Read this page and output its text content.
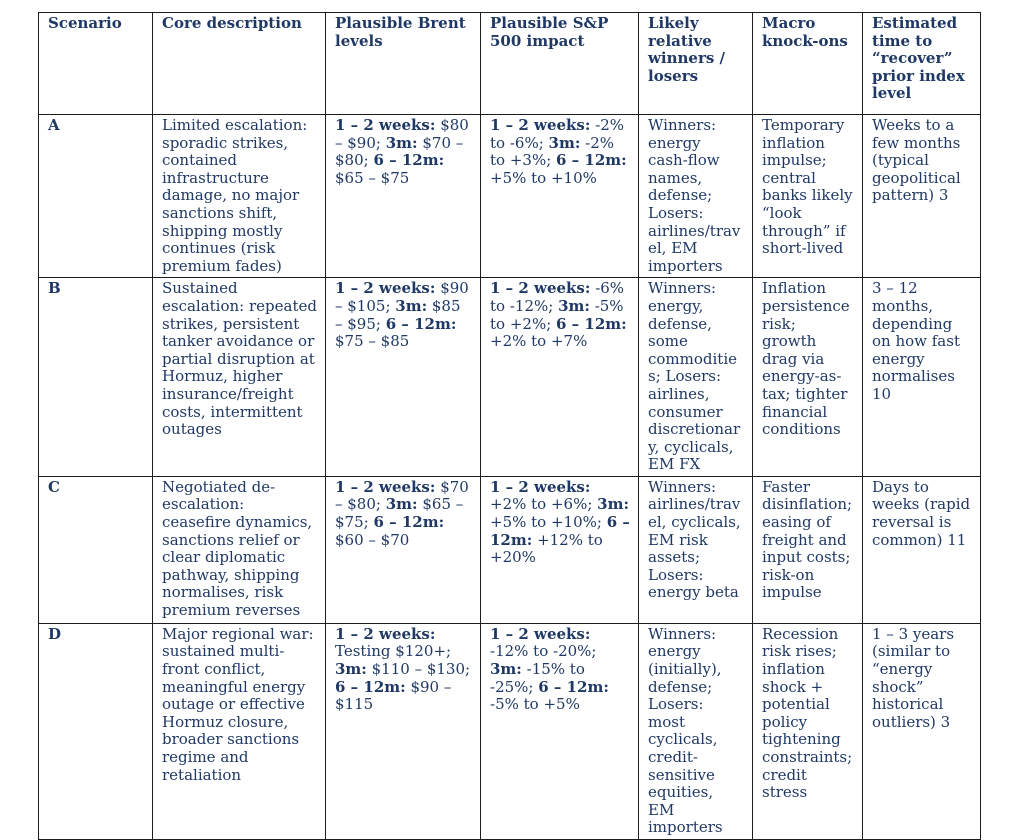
Scenario	Core description	Plausible Brent levels	Plausible S&P 500 impact	Likely relative winners / losers	Macro knock-ons	Estimated time to “recover” prior index level
A	Limited escalation: sporadic strikes, contained infrastructure damage, no major sanctions shift, shipping mostly continues (risk premium fades)	1 – 2 weeks: $80 – $90; 3m: $70 – $80; 6 – 12m: $65 – $75	1 – 2 weeks: -2% to -6%; 3m: -2% to +3%; 6 – 12m: +5% to +10%	Winners: energy cash-flow names, defense; Losers: airlines/travel, EM importers	Temporary inflation impulse; central banks likely “look through” if short-lived	Weeks to a few months (typical geopolitical pattern) 3
B	Sustained escalation: repeated strikes, persistent tanker avoidance or partial disruption at Hormuz, higher insurance/freight costs, intermittent outages	1 – 2 weeks: $90 – $105; 3m: $85 – $95; 6 – 12m: $75 – $85	1 – 2 weeks: -6% to -12%; 3m: -5% to +2%; 6 – 12m: +2% to +7%	Winners: energy, defense, some commodities; Losers: airlines, consumer discretionary, cyclicals, EM FX	Inflation persistence risk; growth drag via energy-as-tax; tighter financial conditions	3 – 12 months, depending on how fast energy normalises 10
C	Negotiated de-escalation: ceasefire dynamics, sanctions relief or clear diplomatic pathway, shipping normalises, risk premium reverses	1 – 2 weeks: $70 – $80; 3m: $65 – $75; 6 – 12m: $60 – $70	1 – 2 weeks: +2% to +6%; 3m: +5% to +10%; 6 – 12m: +12% to +20%	Winners: airlines/travel, cyclicals, EM risk assets; Losers: energy beta	Faster disinflation; easing of freight and input costs; risk-on impulse	Days to weeks (rapid reversal is common) 11
D	Major regional war: sustained multi-front conflict, meaningful energy outage or effective Hormuz closure, broader sanctions regime and retaliation	1 – 2 weeks: Testing $120+; 3m: $110 – $130; 6 – 12m: $90 – $115	1 – 2 weeks: -12% to -20%; 3m: -15% to -25%; 6 – 12m: -5% to +5%	Winners: energy (initially), defense; Losers: most cyclicals, credit-sensitive equities, EM importers	Recession risk rises; inflation shock + potential policy tightening constraints; credit stress	1 – 3 years (similar to “energy shock” historical outliers) 3
